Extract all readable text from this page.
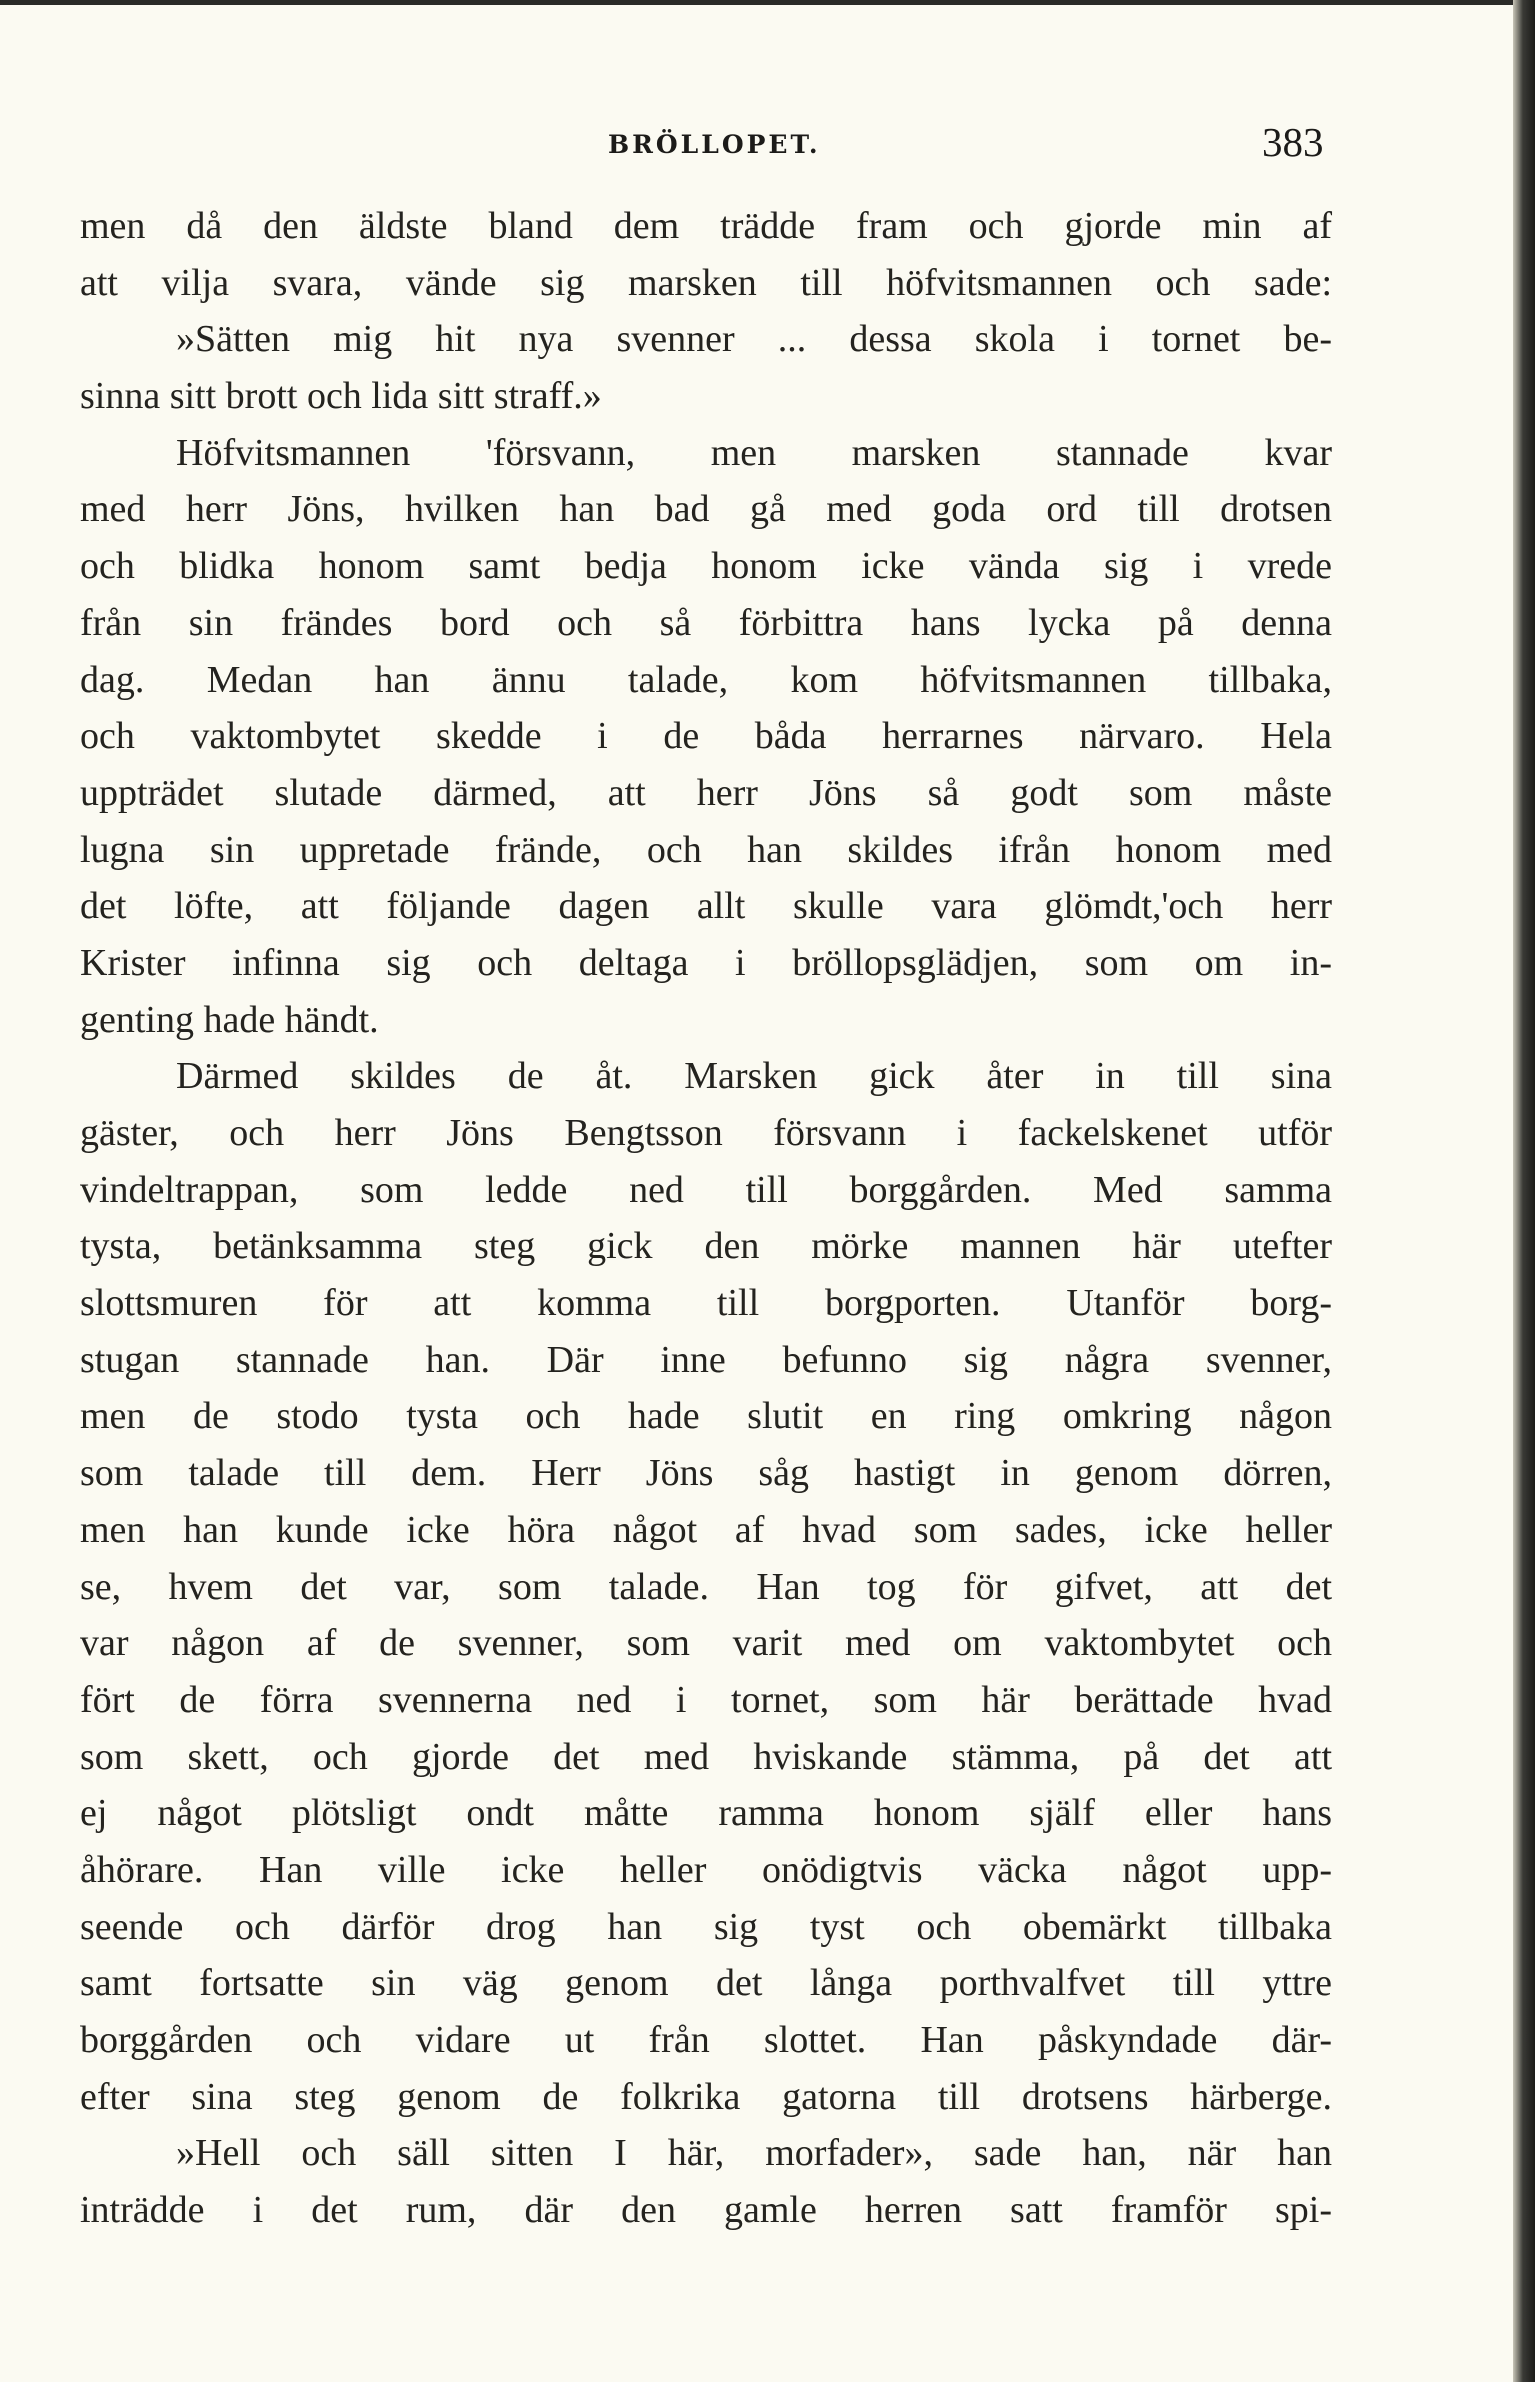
BRÖLLOPET.	383
men då den äldste bland dem trädde fram och gjorde min af
att vilja svara, vände sig marsken till höfvitsmannen och sade:
»Sätten mig hit nya svenner ... dessa skola i tornet be-
sinna sitt brott och lida sitt straff.»
Höfvitsmannen 'försvann, men marsken stannade kvar
med herr Jöns, hvilken han bad gå med goda ord till drotsen
och blidka honom samt bedja honom icke vända sig i vrede
från sin frändes bord och så förbittra hans lycka på denna
dag. Medan han ännu talade, kom höfvitsmannen tillbaka,
och vaktombytet skedde i de båda herrarnes närvaro. Hela
uppträdet slutade därmed, att herr Jöns så godt som måste
lugna sin uppretade frände, och han skildes ifrån honom med
det löfte, att följande dagen allt skulle vara glömdt,'och herr
Krister infinna sig och deltaga i bröllopsglädjen, som om in-
genting hade händt.
Därmed skildes de åt. Marsken gick åter in till sina
gäster, och herr Jöns Bengtsson försvann i fackelskenet utför
vindeltrappan, som ledde ned till borggården. Med samma
tysta, betänksamma steg gick den mörke mannen här utefter
slottsmuren för att komma till borgporten. Utanför borg-
stugan stannade han. Där inne befunno sig några svenner,
men de stodo tysta och hade slutit en ring omkring någon
som talade till dem. Herr Jöns såg hastigt in genom dörren,
men han kunde icke höra något af hvad som sades, icke heller
se, hvem det var, som talade. Han tog för gifvet, att det
var någon af de svenner, som varit med om vaktombytet och
fört de förra svennerna ned i tornet, som här berättade hvad
som skett, och gjorde det med hviskande stämma, på det att
ej något plötsligt ondt måtte ramma honom själf eller hans
åhörare. Han ville icke heller onödigtvis väcka något upp-
seende och därför drog han sig tyst och obemärkt tillbaka
samt fortsatte sin väg genom det långa porthvalfvet till yttre
borggården och vidare ut från slottet. Han påskyndade där-
efter sina steg genom de folkrika gatorna till drotsens härberge.
»Hell och säll sitten I här, morfader», sade han, när han
inträdde i det rum, där den gamle herren satt framför spi-
